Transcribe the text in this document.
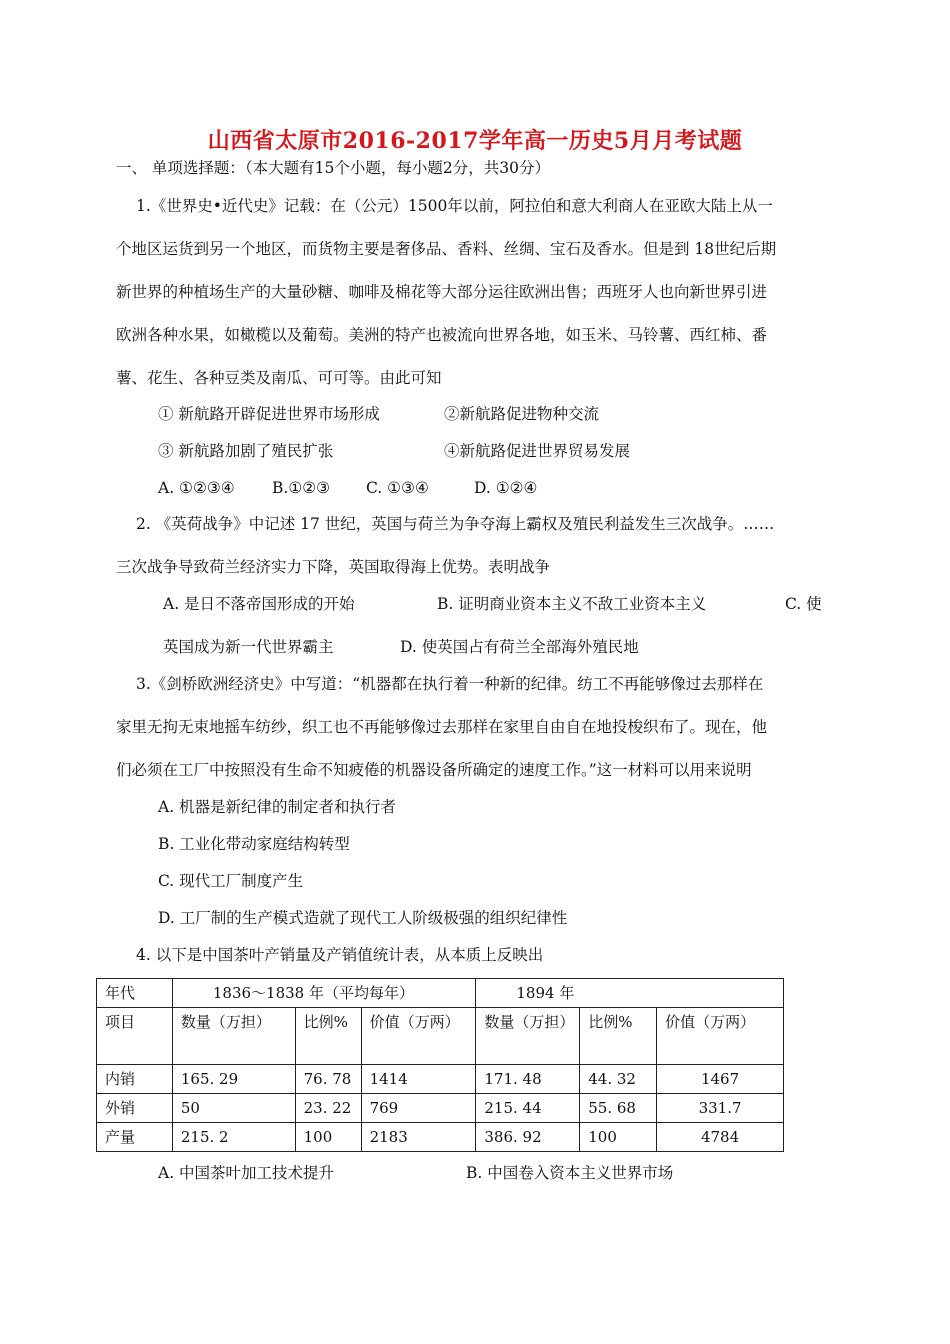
山西省太原市2016-2017学年高一历史5月月考试题
一、 单项选择题：（本大题有15个小题，每小题2分，共30分）
1.《世界史•近代史》记载：在（公元）1500年以前，阿拉伯和意大利商人在亚欧大陆上从一
个地区运货到另一个地区，而货物主要是奢侈品、香料、丝绸、宝石及香水。但是到 18世纪后期
新世界的种植场生产的大量砂糖、咖啡及棉花等大部分运往欧洲出售；西班牙人也向新世界引进
欧洲各种水果，如橄榄以及葡萄。美洲的特产也被流向世界各地，如玉米、马铃薯、西红柿、番
薯、花生、各种豆类及南瓜、可可等。由此可知
① 新航路开辟促进世界市场形成	②新航路促进物种交流
③ 新航路加剧了殖民扩张	④新航路促进世界贸易发展
A. ①②③④ B.①②③ C. ①③④	D. ①②④
2. 《英荷战争》中记述 17 世纪，英国与荷兰为争夺海上霸权及殖民利益发生三次战争。……
三次战争导致荷兰经济实力下降，英国取得海上优势。表明战争
A. 是日不落帝国形成的开始	B. 证明商业资本主义不敌工业资本主义	C. 使
英国成为新一代世界霸主	D. 使英国占有荷兰全部海外殖民地
3.《剑桥欧洲经济史》中写道：“机器都在执行着一种新的纪律。纺工不再能够像过去那样在
家里无拘无束地摇车纺纱，织工也不再能够像过去那样在家里自由自在地投梭织布了。现在，他
们必须在工厂中按照没有生命不知疲倦的机器设备所确定的速度工作。”这一材料可以用来说明
A. 机器是新纪律的制定者和执行者
B. 工业化带动家庭结构转型
C. 现代工厂制度产生
D. 工厂制的生产模式造就了现代工人阶级极强的组织纪律性
4. 以下是中国茶叶产销量及产销值统计表，从本质上反映出
年代	1836～1838 年（平均每年）			1894 年		
项目	数量（万担）	比例%	价值（万两）	数量（万担）	比例%	价值（万两）
内销	165. 29	76. 78	1414	171. 48	44. 32	1467
外销	50	23. 22	769	215. 44	55. 68	331.7
产量	215. 2	100	2183	386. 92	100	4784
A. 中国茶叶加工技术提升	B. 中国卷入资本主义世界市场
